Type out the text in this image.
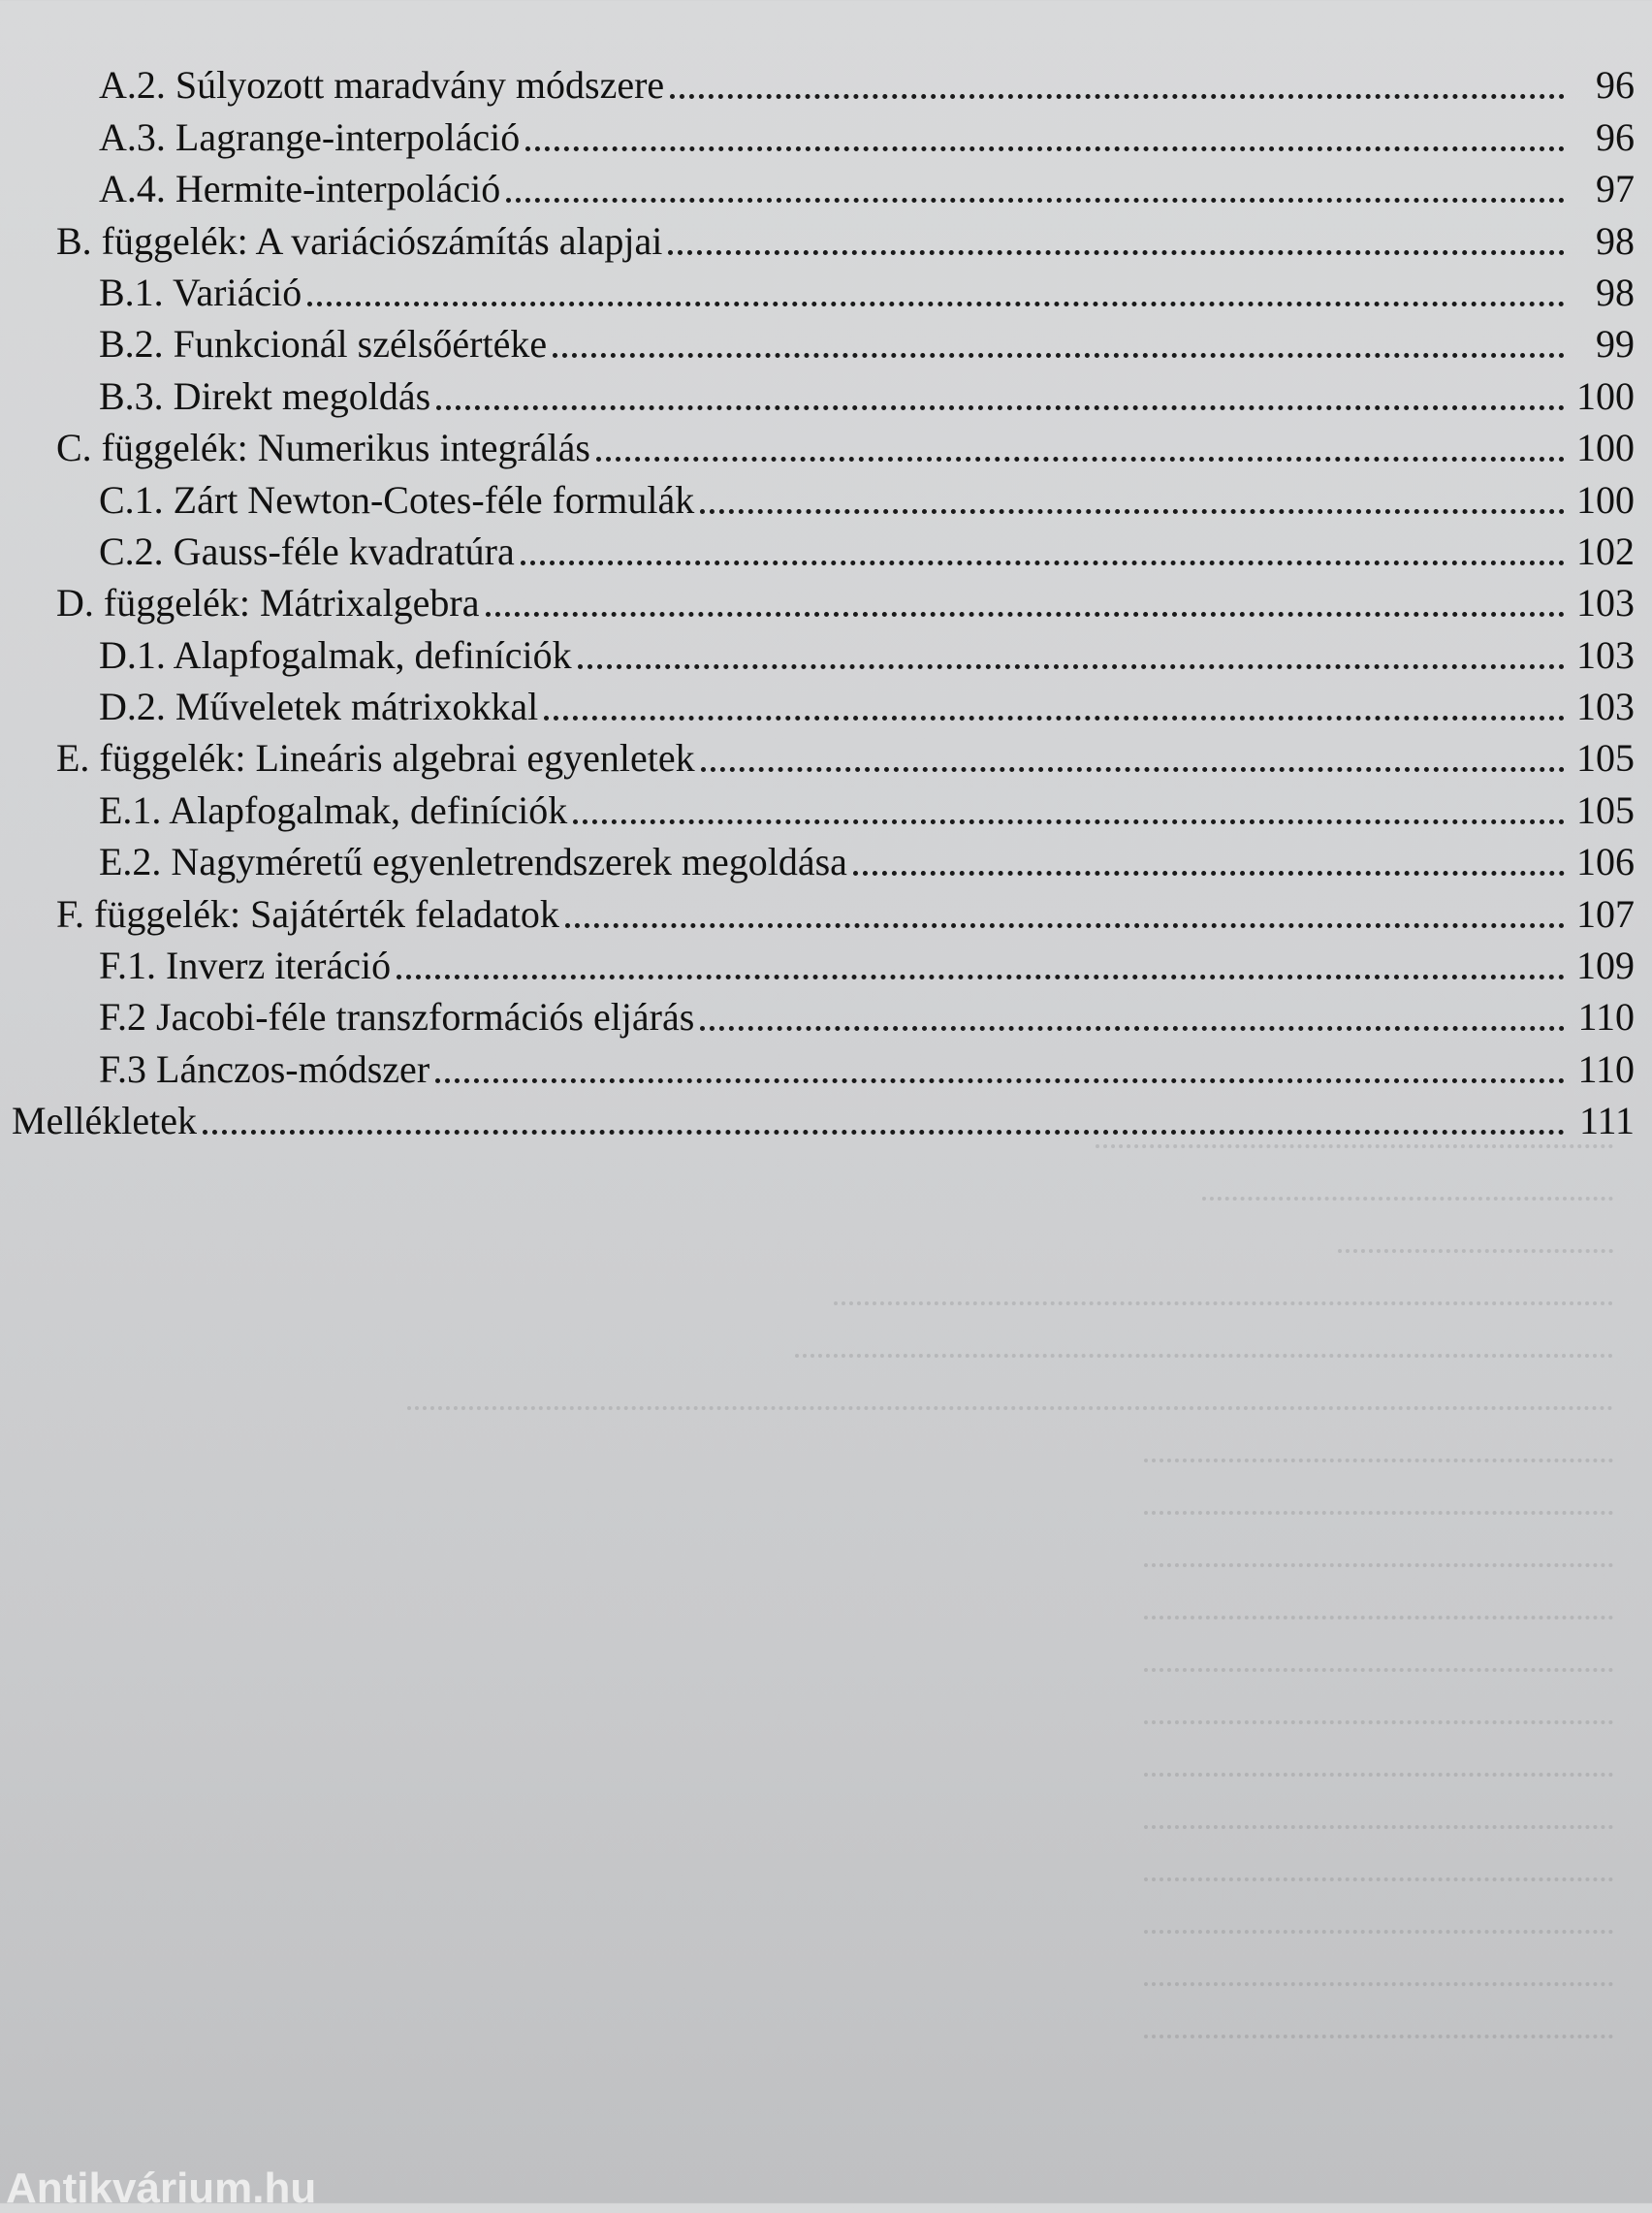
A.2. Súlyozott maradvány módszere	96
A.3. Lagrange-interpoláció	96
A.4. Hermite-interpoláció	97
B. függelék: A variációszámítás alapjai	98
B.1. Variáció	98
B.2. Funkcionál szélsőértéke	99
B.3. Direkt megoldás	100
C. függelék: Numerikus integrálás	100
C.1. Zárt Newton-Cotes-féle formulák	100
C.2. Gauss-féle kvadratúra	102
D. függelék: Mátrixalgebra	103
D.1. Alapfogalmak, definíciók	103
D.2. Műveletek mátrixokkal	103
E. függelék: Lineáris algebrai egyenletek	105
E.1. Alapfogalmak, definíciók	105
E.2. Nagyméretű egyenletrendszerek megoldása	106
F. függelék: Sajátérték feladatok	107
F.1. Inverz iteráció	109
F.2 Jacobi-féle transzformációs eljárás	110
F.3 Lánczos-módszer	110
Mellékletek	111
Antikvárium.hu
